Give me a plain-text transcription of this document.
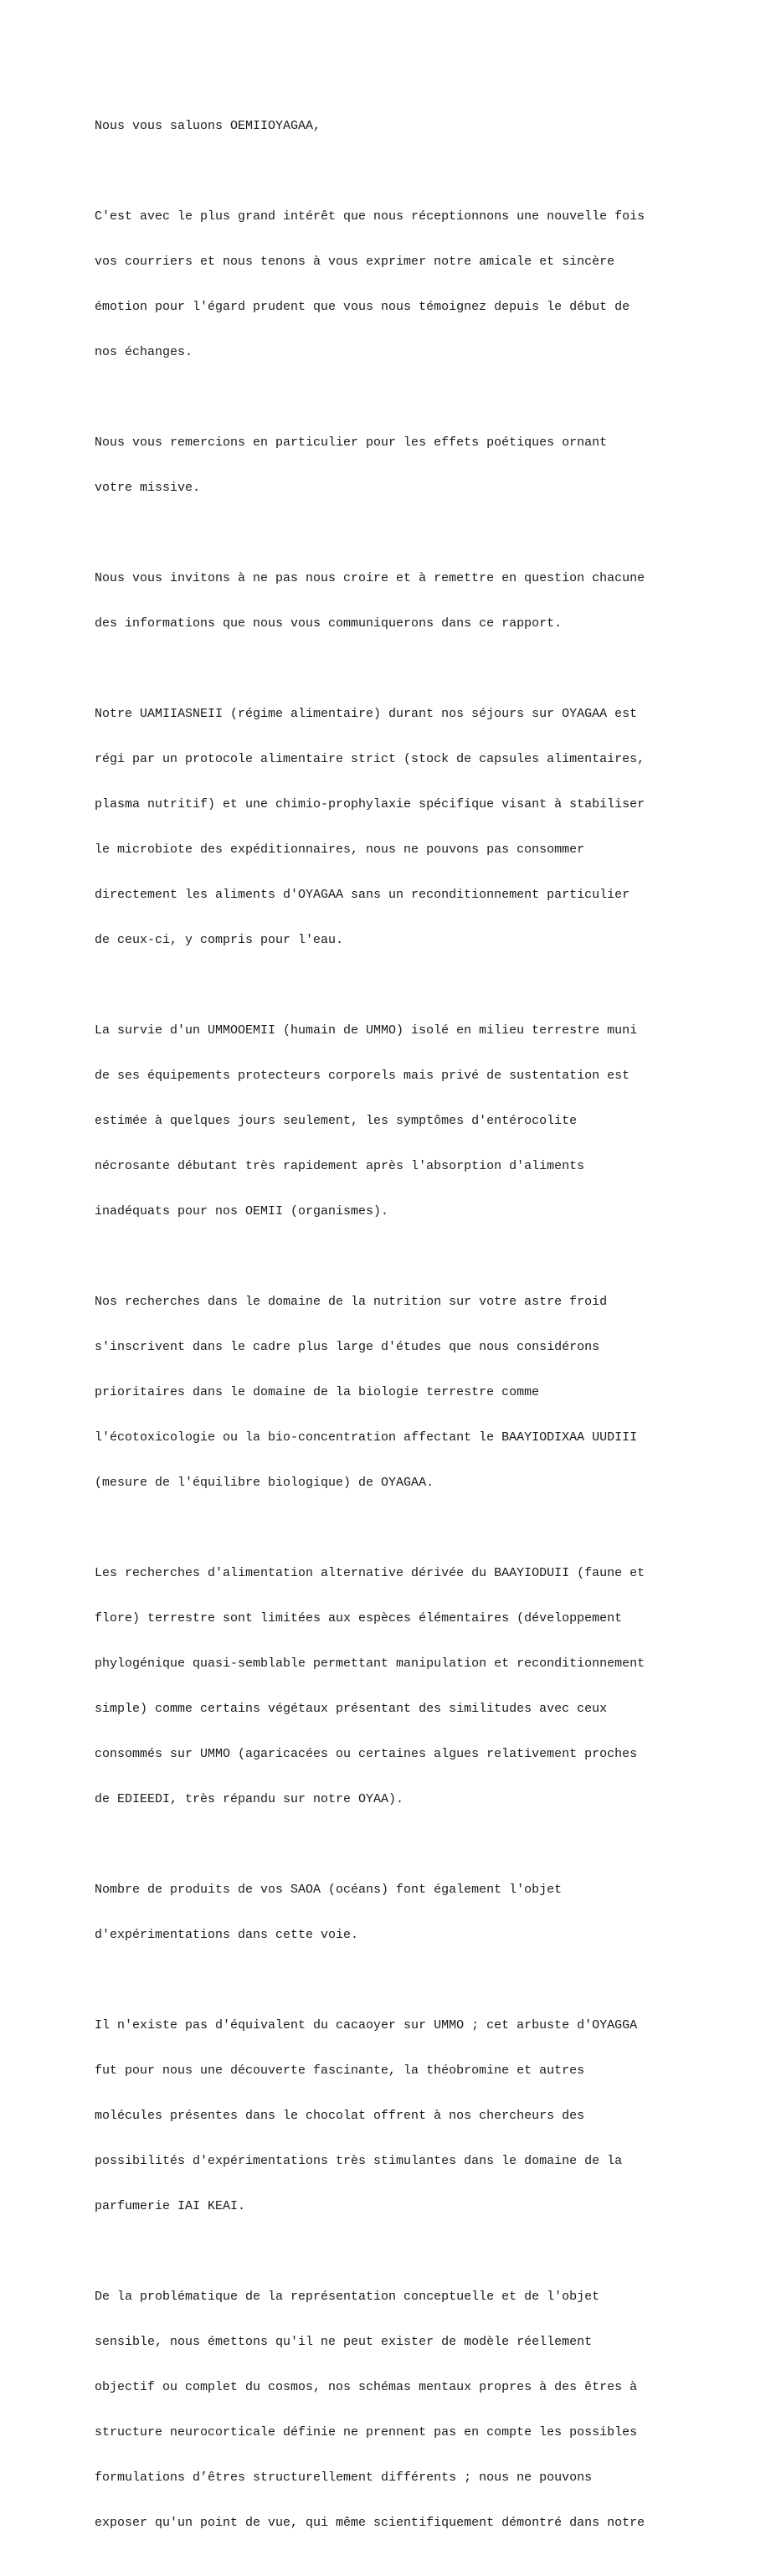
Nous vous saluons OEMIIOYAGAA,

C'est avec le plus grand intérêt que nous réceptionnons une nouvelle fois

vos courriers et nous tenons à vous exprimer notre amicale et sincère

émotion pour l'égard prudent que vous nous témoignez depuis le début de

nos échanges.

Nous vous remercions en particulier pour les effets poétiques ornant

votre missive.

Nous vous invitons à ne pas nous croire et à remettre en question chacune

des informations que nous vous communiquerons dans ce rapport.

Notre UAMIIASNEII (régime alimentaire) durant nos séjours sur OYAGAA est

régi par un protocole alimentaire strict (stock de capsules alimentaires,

plasma nutritif) et une chimio-prophylaxie spécifique visant à stabiliser

le microbiote des expéditionnaires, nous ne pouvons pas consommer

directement les aliments d'OYAGAA sans un reconditionnement particulier

de ceux-ci, y compris pour l'eau.

La survie d'un UMMOOEMII (humain de UMMO) isolé en milieu terrestre muni

de ses équipements protecteurs corporels mais privé de sustentation est

estimée à quelques jours seulement, les symptômes d'entérocolite

nécrosante débutant très rapidement après l'absorption d'aliments

inadéquats pour nos OEMII (organismes).

Nos recherches dans le domaine de la nutrition sur votre astre froid

s'inscrivent dans le cadre plus large d'études que nous considérons

prioritaires dans le domaine de la biologie terrestre comme

l'écotoxicologie ou la bio-concentration affectant le BAAYIODIXAA UUDIII

(mesure de l'équilibre biologique) de OYAGAA.

Les recherches d'alimentation alternative dérivée du BAAYIODUII (faune et

flore) terrestre sont limitées aux espèces élémentaires (développement

phylogénique quasi-semblable permettant manipulation et reconditionnement

simple) comme certains végétaux présentant des similitudes avec ceux

consommés sur UMMO (agaricacées ou certaines algues relativement proches

de EDIEEDI, très répandu sur notre OYAA).

Nombre de produits de vos SAOA (océans) font également l'objet

d'expérimentations dans cette voie.

Il n'existe pas d'équivalent du cacaoyer sur UMMO ; cet arbuste d'OYAGGA

fut pour nous une découverte fascinante, la théobromine et autres

molécules présentes dans le chocolat offrent à nos chercheurs des

possibilités d'expérimentations très stimulantes dans le domaine de la

parfumerie IAI KEAI.

De la problématique de la représentation conceptuelle et de l'objet

sensible, nous émettons qu'il ne peut exister de modèle réellement

objectif ou complet du cosmos, nos schémas mentaux propres à des êtres à

structure neurocorticale définie ne prennent pas en compte les possibles

formulations d’êtres structurellement différents ; nous ne pouvons

exposer qu'un point de vue, qui même scientifiquement démontré dans notre
